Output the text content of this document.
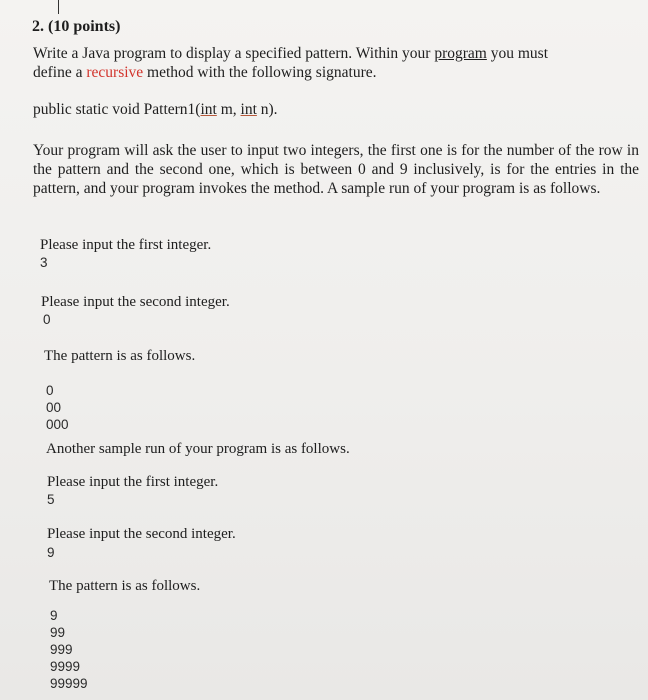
2. (10 points)
Write a Java program to display a specified pattern. Within your program you must
define a recursive method with the following signature.
public static void Pattern1(int m, int n).
Your program will ask the user to input two integers, the first one is for the number of the row in the pattern and the second one, which is between 0 and 9 inclusively, is for the entries in the pattern, and your program invokes the method. A sample run of your program is as follows.
Please input the first integer.
3
Please input the second integer.
0
The pattern is as follows.
0
00
000
Another sample run of your program is as follows.
Please input the first integer.
5
Please input the second integer.
9
The pattern is as follows.
9
99
999
9999
99999
